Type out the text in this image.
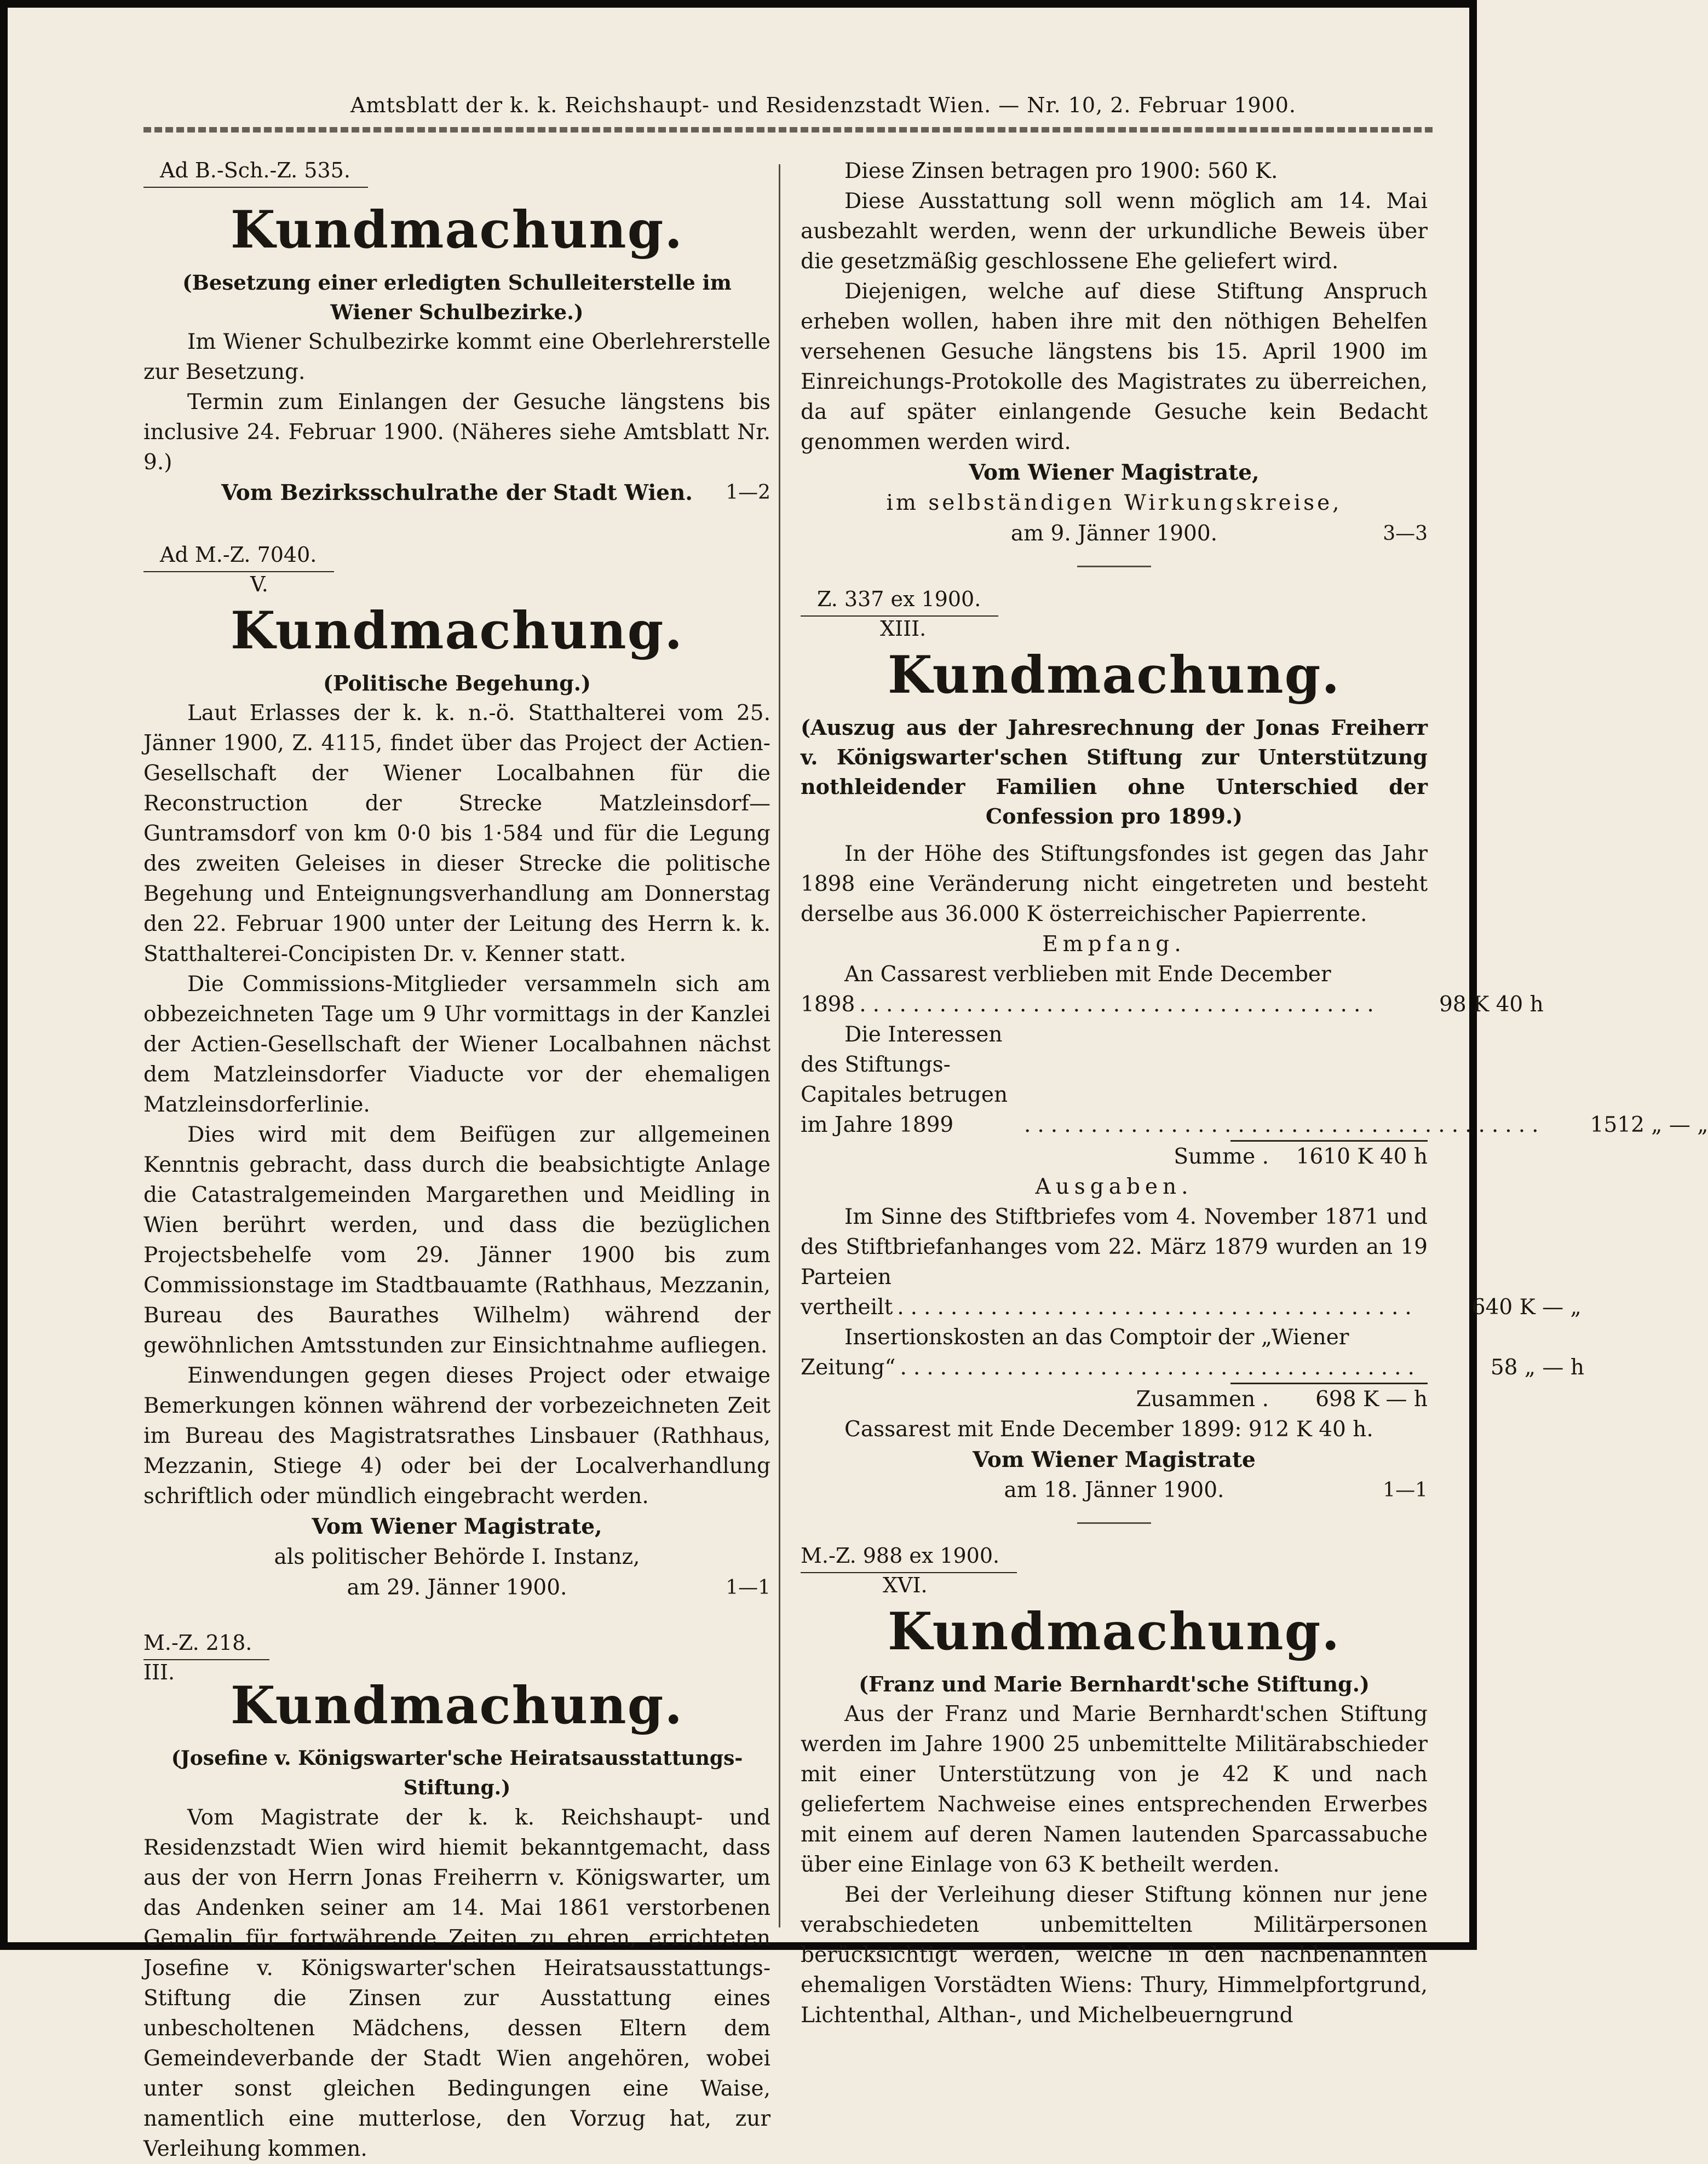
Amtsblatt der k. k. Reichshaupt- und Residenzstadt Wien. — Nr. 10, 2. Februar 1900.
Ad B.-Sch.-Z. 535.
Kundmachung.
(Besetzung einer erledigten Schulleiterstelle im Wiener Schulbezirke.)

Im Wiener Schulbezirke kommt eine Oberlehrerstelle zur Besetzung.

Termin zum Einlangen der Gesuche längstens bis inclusive 24. Februar 1900. (Näheres siehe Amtsblatt Nr. 9.)

Vom Bezirksschulrathe der Stadt Wien. 1—2
Ad M.-Z. 7040.
V.
Kundmachung.
(Politische Begehung.)

Laut Erlasses der k. k. n.-ö. Statthalterei vom 25. Jänner 1900, Z. 4115, findet über das Project der Actien-Gesellschaft der Wiener Localbahnen für die Reconstruction der Strecke Matzleinsdorf—Guntramsdorf von km 0·0 bis 1·584 und für die Legung des zweiten Geleises in dieser Strecke die politische Begehung und Enteignungsverhandlung am Donnerstag den 22. Februar 1900 unter der Leitung des Herrn k. k. Statthalterei-Concipisten Dr. v. Kenner statt.

Die Commissions-Mitglieder versammeln sich am obbezeichneten Tage um 9 Uhr vormittags in der Kanzlei der Actien-Gesellschaft der Wiener Localbahnen nächst dem Matzleinsdorfer Viaducte vor der ehemaligen Matzleinsdorferlinie.

Dies wird mit dem Beifügen zur allgemeinen Kenntnis gebracht, dass durch die beabsichtigte Anlage die Catastralgemeinden Margarethen und Meidling in Wien berührt werden, und dass die bezüglichen Projectsbehelfe vom 29. Jänner 1900 bis zum Commissionstage im Stadtbauamte (Rathhaus, Mezzanin, Bureau des Baurathes Wilhelm) während der gewöhnlichen Amtsstunden zur Einsichtnahme aufliegen.

Einwendungen gegen dieses Project oder etwaige Bemerkungen können während der vorbezeichneten Zeit im Bureau des Magistratsrathes Linsbauer (Rathhaus, Mezzanin, Stiege 4) oder bei der Localverhandlung schriftlich oder mündlich eingebracht werden.

Vom Wiener Magistrate,
als politischer Behörde I. Instanz,
am 29. Jänner 1900.	1—1
M.-Z. 218.
III.
Kundmachung.
(Josefine v. Königswarter'sche Heiratsausstattungs-Stiftung.)

Vom Magistrate der k. k. Reichshaupt- und Residenzstadt Wien wird hiemit bekanntgemacht, dass aus der von Herrn Jonas Freiherrn v. Königswarter, um das Andenken seiner am 14. Mai 1861 verstorbenen Gemalin für fortwährende Zeiten zu ehren, errichteten Josefine v. Königswarter'schen Heiratsausstattungs-Stiftung die Zinsen zur Ausstattung eines unbescholtenen Mädchens, dessen Eltern dem Gemeindeverbande der Stadt Wien angehören, wobei unter sonst gleichen Bedingungen eine Waise, namentlich eine mutterlose, den Vorzug hat, zur Verleihung kommen.

Diese Zinsen betragen pro 1900: 560 K.

Diese Ausstattung soll wenn möglich am 14. Mai ausbezahlt werden, wenn der urkundliche Beweis über die gesetzmäßig geschlossene Ehe geliefert wird.

Diejenigen, welche auf diese Stiftung Anspruch erheben wollen, haben ihre mit den nöthigen Behelfen versehenen Gesuche längstens bis 15. April 1900 im Einreichungs-Protokolle des Magistrates zu überreichen, da auf später einlangende Gesuche kein Bedacht genommen werden wird.

Vom Wiener Magistrate,
im selbständigen Wirkungskreise,
am 9. Jänner 1900.	3—3
Z. 337 ex 1900.
XIII.
Kundmachung.
(Auszug aus der Jahresrechnung der Jonas Freiherr v. Königswarter'schen Stiftung zur Unterstützung nothleidender Familien ohne Unterschied der Confession pro 1899.)

In der Höhe des Stiftungsfondes ist gegen das Jahr 1898 eine Veränderung nicht eingetreten und besteht derselbe aus 36.000 K österreichischer Papierrente.

Empfang.

An Cassarest verblieben mit Ende December

1898 .......................................	98 K 40 h
Die Interessen des Stiftungs-Capitales betrugen im Jahre 1899	.......................................	1512 „ — „
Summe .	1610 K 40 h
Ausgaben.

Im Sinne des Stiftbriefes vom 4. November 1871 und des Stiftbriefanhanges vom 22. März 1879 wurden an 19 Parteien

vertheilt .......................................	640 K — „

Insertionskosten an das Comptoir der „Wiener

Zeitung“ .......................................	58 „ — h
Zusammen .	698 K — h

Cassarest mit Ende December 1899: 912 K 40 h.

Vom Wiener Magistrate
am 18. Jänner 1900.	1—1
M.-Z. 988 ex 1900.
XVI.
Kundmachung.
(Franz und Marie Bernhardt'sche Stiftung.)

Aus der Franz und Marie Bernhardt'schen Stiftung werden im Jahre 1900 25 unbemittelte Militärabschieder mit einer Unterstützung von je 42 K und nach geliefertem Nachweise eines entsprechenden Erwerbes mit einem auf deren Namen lautenden Sparcassabuche über eine Einlage von 63 K betheilt werden.

Bei der Verleihung dieser Stiftung können nur jene verabschiedeten unbemittelten Militärpersonen berücksichtigt werden, welche in den nachbenannten ehemaligen Vorstädten Wiens: Thury, Himmelpfortgrund, Lichtenthal, Althan-, und Michelbeuerngrund
